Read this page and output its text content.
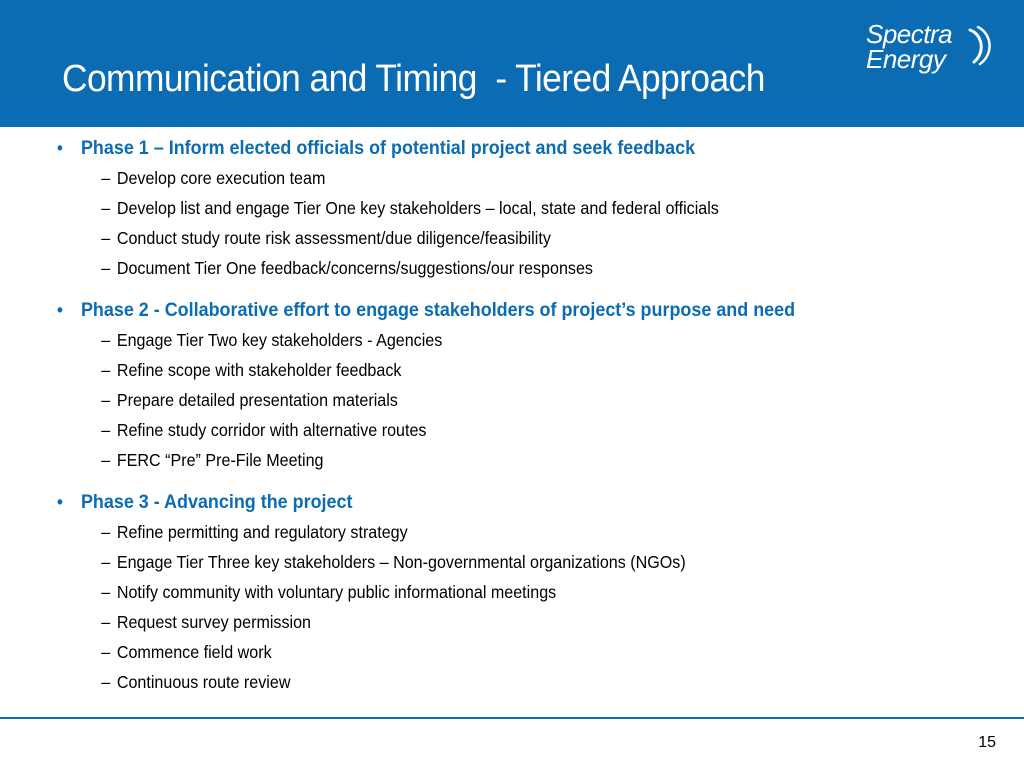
Communication and Timing  - Tiered Approach
Spectra
Energy
• Phase 1 – Inform elected officials of potential project and seek feedback
– Develop core execution team
– Develop list and engage Tier One key stakeholders – local, state and federal officials
– Conduct study route risk assessment/due diligence/feasibility
– Document Tier One feedback/concerns/suggestions/our responses
• Phase 2 - Collaborative effort to engage stakeholders of project’s purpose and need
– Engage Tier Two key stakeholders - Agencies
– Refine scope with stakeholder feedback
– Prepare detailed presentation materials
– Refine study corridor with alternative routes
– FERC “Pre” Pre-File Meeting
• Phase 3 - Advancing the project
– Refine permitting and regulatory strategy
– Engage Tier Three key stakeholders – Non-governmental organizations (NGOs)
– Notify community with voluntary public informational meetings
– Request survey permission
– Commence field work
– Continuous route review
15
